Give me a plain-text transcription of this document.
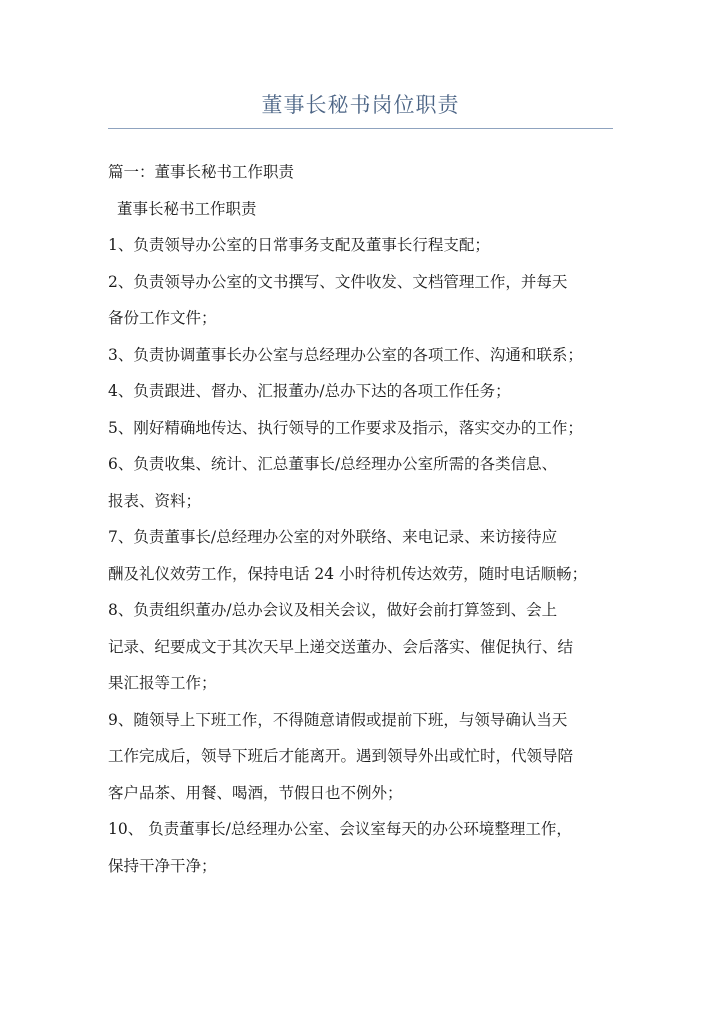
董事长秘书岗位职责
篇一：董事长秘书工作职责
董事长秘书工作职责
1、负责领导办公室的日常事务支配及董事长行程支配；
2、负责领导办公室的文书撰写、文件收发、文档管理工作，并每天
备份工作文件；
3、负责协调董事长办公室与总经理办公室的各项工作、沟通和联系；
4、负责跟进、督办、汇报董办/总办下达的各项工作任务；
5、刚好精确地传达、执行领导的工作要求及指示，落实交办的工作；
6、负责收集、统计、汇总董事长/总经理办公室所需的各类信息、
报表、资料；
7、负责董事长/总经理办公室的对外联络、来电记录、来访接待应
酬及礼仪效劳工作，保持电话 24 小时待机传达效劳，随时电话顺畅；
8、负责组织董办/总办会议及相关会议，做好会前打算签到、会上
记录、纪要成文于其次天早上递交送董办、会后落实、催促执行、结
果汇报等工作；
9、随领导上下班工作，不得随意请假或提前下班，与领导确认当天
工作完成后，领导下班后才能离开。遇到领导外出或忙时，代领导陪
客户品茶、用餐、喝酒，节假日也不例外；
10、 负责董事长/总经理办公室、会议室每天的办公环境整理工作，
保持干净干净；
